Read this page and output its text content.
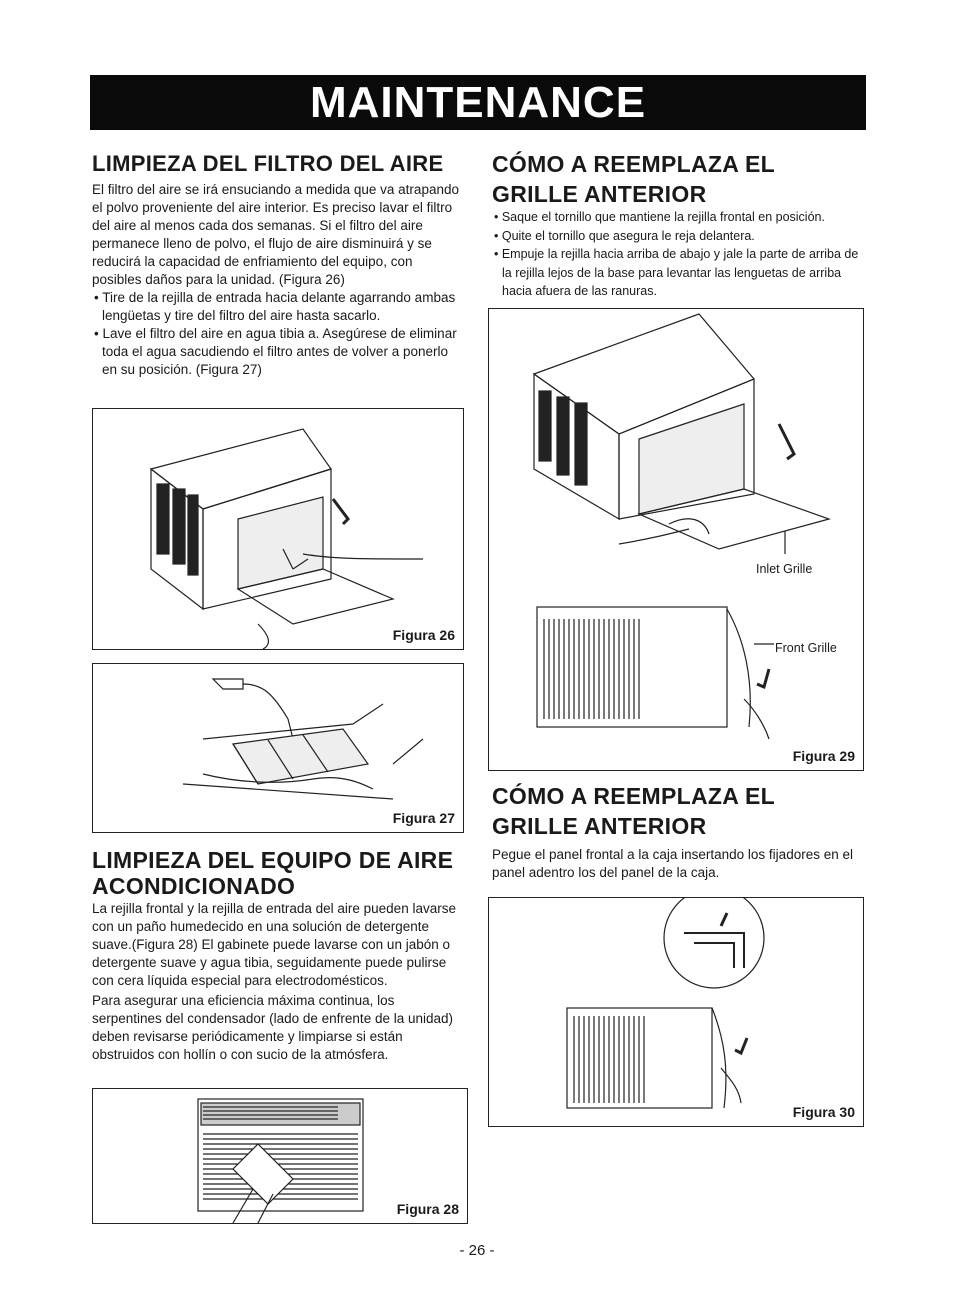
MAINTENANCE
LIMPIEZA DEL FILTRO DEL AIRE

El filtro del aire se irá ensuciando a medida que va atrapando el polvo proveniente del aire interior. Es preciso lavar el filtro del aire al menos cada dos semanas. Si el filtro del aire permanece lleno de polvo, el flujo de aire disminuirá y se reducirá la capacidad de enfriamiento del equipo, con posibles daños para la unidad. (Figura 26)

• Tire de la rejilla de entrada hacia delante agarrando ambas lengüetas y tire del filtro del aire hasta sacarlo.

• Lave el filtro del aire en agua tibia a. Asegúrese de eliminar toda el agua sacudiendo el filtro antes de volver a ponerlo en su posición. (Figura 27)

Figura 26
Figura 27
LIMPIEZA DEL EQUIPO DE AIRE
ACONDICIONADO

La rejilla frontal y la rejilla de entrada del aire pueden lavarse con un paño humedecido en una solución de detergente suave.(Figura 28) El gabinete puede lavarse con un jabón o detergente suave y agua tibia, seguidamente puede pulirse con cera líquida especial para electrodomésticos.

Para asegurar una eficiencia máxima continua, los serpentines del condensador (lado de enfrente de la unidad) deben revisarse periódicamente y limpiarse si están obstruidos con hollín o con sucio de la atmósfera.

Figura 28
CÓMO A REEMPLAZA EL
GRILLE ANTERIOR

• Saque el tornillo que mantiene la rejilla frontal en posición.

• Quite el tornillo que asegura le reja delantera.

• Empuje la rejilla hacia arriba de abajo y jale la parte de arriba de la rejilla lejos de la base para levantar las lenguetas de arriba hacia afuera de las ranuras.

Inlet Grille
Front Grille
Figura 29
CÓMO A REEMPLAZA EL
GRILLE ANTERIOR

Pegue el panel frontal a la caja insertando los fijadores en el panel adentro los del panel de la caja.

Figura 30
- 26 -
